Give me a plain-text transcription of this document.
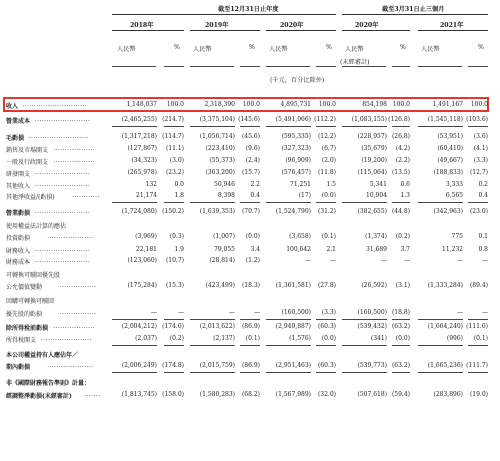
截至12月31日止年度	截至3月31日止三個月
2018年	2019年	2020年	2020年	2021年
人民幣	% 人民幣	% 人民幣	% 人民幣	% 人民幣	%
(未經審計)
(千元，百分比除外)
收入 ............................	1,148,037 100.0	2,318,390 100.0	4,895,731 100.0	854,198 100.0	1,491,167 100.0
營業成本 ........................	(2,465,255) (214.7)	(3,375,104) (145.6)	(5,491,066) (112.2)	(1,083,155) (126.8)	(1,545,118) (103.6)
毛虧損 ..........................	(1,317,218) (114.7)	(1,056,714) (45.6)	(595,335) (12.2)	(228,957) (26.8)	(53,951) (3.6)
銷售及市場開支 ..................	(127,867) (11.1)	(223,410) (9.6)	(327,323) (6.7)	(35,679) (4.2)	(60,410) (4.1)
一般及行政開支 ..................	(34,323) (3.0)	(55,373) (2.4)	(96,909) (2.0)	(19,200) (2.2)	(49,667) (3.3)
研發開支 ........................	(265,978) (23.2)	(363,200) (15.7)	(576,457) (11.8)	(115,064) (13.5)	(188,833) (12.7)
其他收入 ........................	132	0.0	50,946	2.2	71,251	1.5	5,341 0.6	3,333	0.2
其他淨收益/(虧損)	............	21,174	1.8	8,398	0.4	(17) (0.0)	10,904 1.3	6,565	0.4
營業虧損 ........................	(1,724,080) (150.2)	(1,639,353) (70.7)	(1,524,790) (31.2)	(382,655) (44.8)	(342,963) (23.0)
使用權益法計算的應佔
投資虧損	....................	(3,969) (0.3)	(1,007) (0.0)	(3,658) (0.1)	(1,374) (0.2)	775	0.1
財務收入 ........................	22,181	1.9	79,055	3.4	100,642	2.1	31,689 3.7	11,232	0.8
財務成本 ........................	(123,060) (10.7)	(28,814) (1.2)	—	—	—	—	—	—
可轉換可贖回優先股
公允價值變動	................	(175,284) (15.3)	(423,499) (18.3)	(1,361,581) (27.8)	(26,592) (3.1)	(1,333,284) (89.4)
回購可轉換可贖回
優先股的虧損	................	—	—	—	—	(160,500) (3.3)	(160,500) (18.8)	—	—
除所得稅前虧損 ..................	(2,004,212) (174.6)	(2,013,622) (86.9)	(2,949,887) (60.3)	(539,432) (63.2)	(1,664,240) (111.6)
所得稅開支 ......................	(2,037) (0.2)	(2,137) (0.1)	(1,576) (0.0)	(341) (0.0)	(996) (0.1)
本公司權益持有人應佔年／
期內虧損	....................	(2,006,249) (174.8)	(2,015,759) (86.9)	(2,951,463) (60.3)	(539,773) (63.2)	(1,665,236) (111.7)
非《國際財務報告準則》計量：
經調整淨虧損(未經審計) .......	(1,813,745) (158.0)	(1,580,283) (68.2)	(1,567,989) (32.0)	(507,618) (59.4)	(283,896) (19.0)
